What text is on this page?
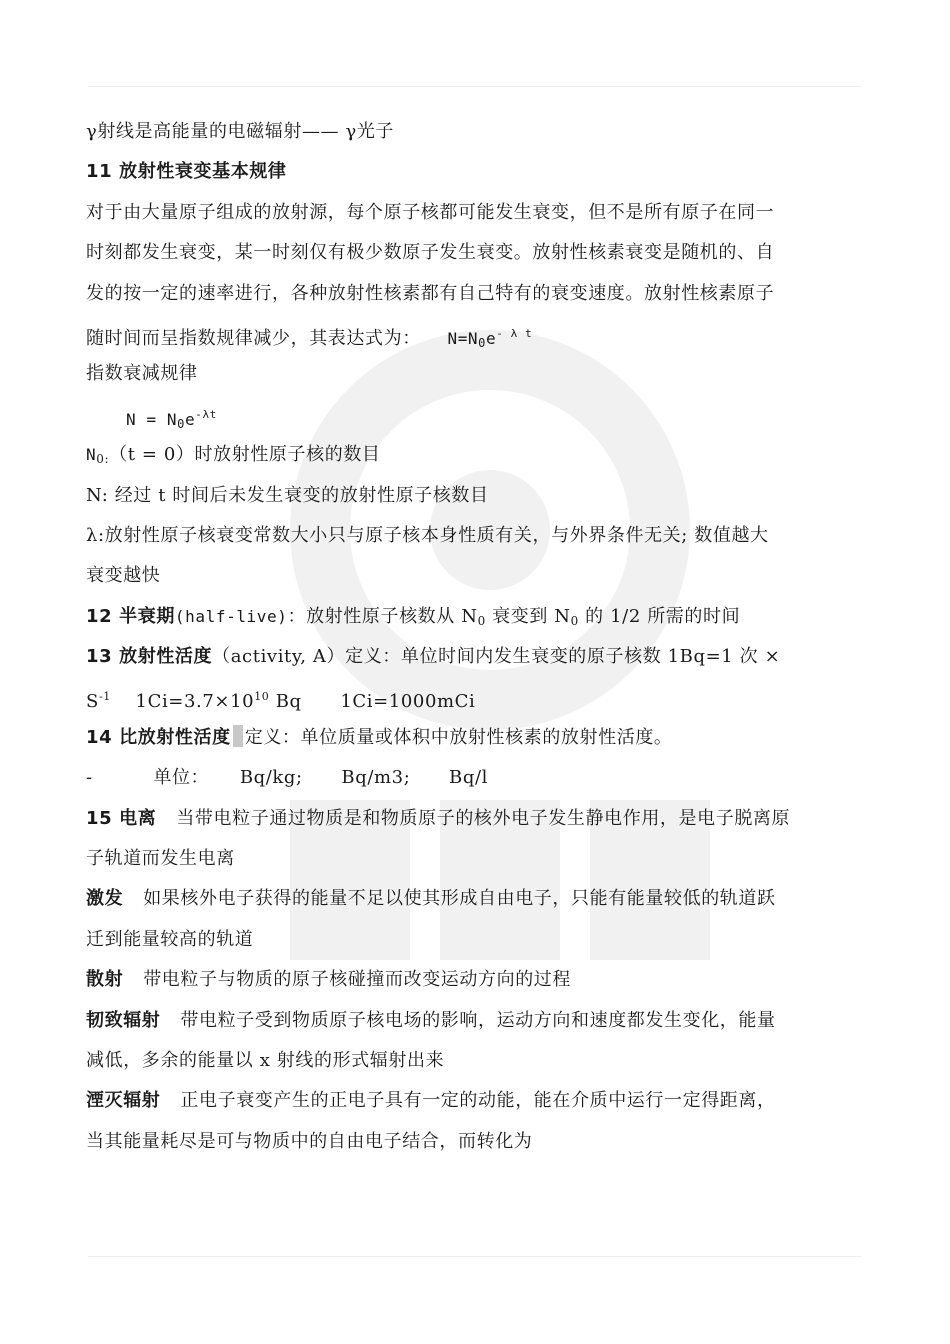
γ射线是高能量的电磁辐射—— γ光子
11 放射性衰变基本规律
对于由大量原子组成的放射源，每个原子核都可能发生衰变，但不是所有原子在同一
时刻都发生衰变，某一时刻仅有极少数原子发生衰变。放射性核素衰变是随机的、自
发的按一定的速率进行，各种放射性核素都有自己特有的衰变速度。放射性核素原子
随时间而呈指数规律减少，其表达式为： $N=N_0e^{- \lambda t}$
指数衰减规律
$N = N_0e^{-\lambda t}$
$N_{0:}(t = 0)$时放射性原子核的数目
N: 经过 t 时间后未发生衰变的放射性原子核数目
λ:放射性原子核衰变常数大小只与原子核本身性质有关，与外界条件无关; 数值越大
衰变越快
12 半衰期(half-live)：放射性原子核数从 $N_0$ 衰变到 $N_0$ 的 1/2 所需的时间
13 放射性活度（activity, A）定义：单位时间内发生衰变的原子核数 1Bq=1 次 ×
$S^{-1}$ $1Ci=3.7\times 10^{10}$ Bq 1Ci=1000mCi
14 比放射性活度 定义：单位质量或体积中放射性核素的放射性活度。
-	单位： Bq/kg; Bq/m3; Bq/l
15 电离 当带电粒子通过物质是和物质原子的核外电子发生静电作用，是电子脱离原
子轨道而发生电离
激发 如果核外电子获得的能量不足以使其形成自由电子，只能有能量较低的轨道跃
迁到能量较高的轨道
散射 带电粒子与物质的原子核碰撞而改变运动方向的过程
韧致辐射 带电粒子受到物质原子核电场的影响，运动方向和速度都发生变化，能量
减低，多余的能量以 x 射线的形式辐射出来
湮灭辐射 正电子衰变产生的正电子具有一定的动能，能在介质中运行一定得距离，
当其能量耗尽是可与物质中的自由电子结合，而转化为
